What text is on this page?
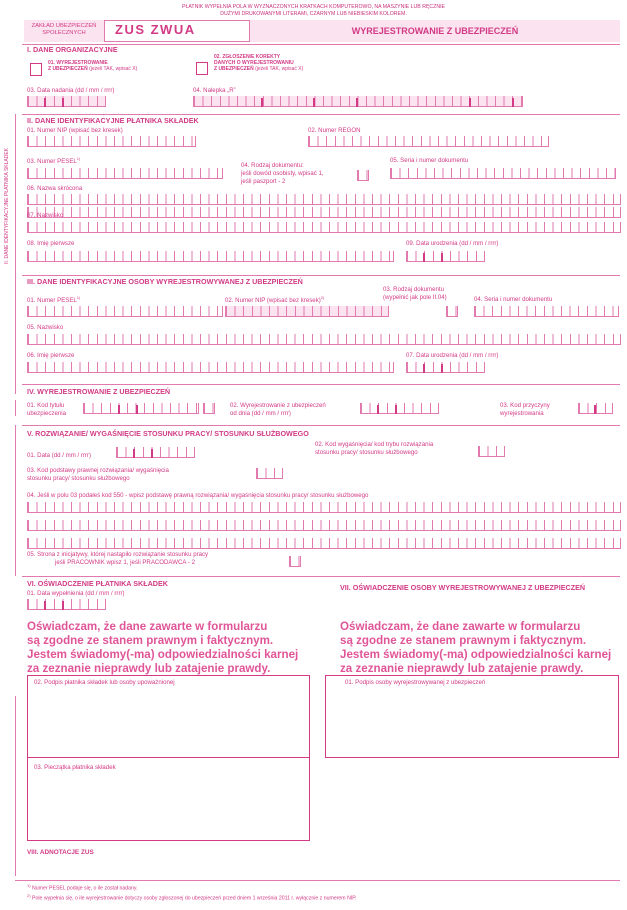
PŁATNIK WYPEŁNIA POLA W WYZNACZONYCH KRATKACH KOMPUTEROWO, NA MASZYNIE LUB RĘCZNIE
DUŻYMI DRUKOWANYMI LITERAMI, CZARNYM LUB NIEBIESKIM KOLOREM.
ZAKŁAD UBEZPIECZEŃ SPOŁECZNYCH	ZUS ZWUA	WYREJESTROWANIE Z UBEZPIECZEŃ
I. DANE ORGANIZACYJNE
01. WYREJESTROWANIE
Z UBEZPIECZEŃ (jeżeli TAK, wpisać X)
02. ZGŁOSZENIE KOREKTY
DANYCH O WYREJESTROWANIU
Z UBEZPIECZEŃ (jeżeli TAK, wpisać X)
03. Data nadania (dd / mm / rrrr)	04. Nalepka „R”
II. DANE IDENTYFIKACYJNE PŁATNIKA SKŁADEK
II. DANE IDENTYFIKACYJNE PŁATNIKA SKŁADEK
01. Numer NIP (wpisać bez kresek)	02. Numer REGON
03. Numer PESEL$^{1)}$
04. Rodzaj dokumentu:
jeśli dowód osobisty, wpisać 1,
jeśli paszport - 2
05. Seria i numer dokumentu
06. Nazwa skrócona
07. Nazwisko
08. Imię pierwsze	09. Data urodzenia (dd / mm / rrrr)
III. DANE IDENTYFIKACYJNE OSOBY WYREJESTROWYWANEJ Z UBEZPIECZEŃ
01. Numer PESEL$^{1)}$	02. Numer NIP (wpisać bez kresek)$^{2)}$
03. Rodzaj dokumentu
(wypełnić jak pole II.04)	04. Seria i numer dokumentu
05. Nazwisko
06. Imię pierwsze	07. Data urodzenia (dd / mm / rrrr)
IV. WYREJESTROWANIE Z UBEZPIECZEŃ
01. Kod tytułu
ubezpieczenia
02. Wyrejestrowanie z ubezpieczeń
od dnia (dd / mm / rrrr)
03. Kod przyczyny
wyrejestrowania
V. ROZWIĄZANIE/ WYGAŚNIĘCIE STOSUNKU PRACY/ STOSUNKU SŁUŻBOWEGO
01. Data (dd / mm / rrrr)
02. Kod wygaśnięcia/ kod trybu rozwiązania
stosunku pracy/ stosunku służbowego
03. Kod podstawy prawnej rozwiązania/ wygaśnięcia
stosunku pracy/ stosunku służbowego
04. Jeśli w polu 03 podałeś kod 550 - wpisz podstawę prawną rozwiązania/ wygaśnięcia stosunku pracy/ stosunku służbowego
05. Strona z inicjatywy, której nastąpiło rozwiązanie stosunku pracy
jeśli PRACOWNIK wpisz 1, jeśli PRACODAWCA - 2
VI. OŚWIADCZENIE PŁATNIKA SKŁADEK	VII. OŚWIADCZENIE OSOBY WYREJESTROWYWANEJ Z UBEZPIECZEŃ
01. Data wypełnienia (dd / mm / rrrr)
Oświadczam, że dane zawarte w formularzu
są zgodne ze stanem prawnym i faktycznym.
Jestem świadomy(-ma) odpowiedzialności karnej
za zeznanie nieprawdy lub zatajenie prawdy.
Oświadczam, że dane zawarte w formularzu
są zgodne ze stanem prawnym i faktycznym.
Jestem świadomy(-ma) odpowiedzialności karnej
za zeznanie nieprawdy lub zatajenie prawdy.
02. Podpis płatnika składek lub osoby upoważnionej
03. Pieczątka płatnika składek
01. Podpis osoby wyrejestrowywanej z ubezpieczeń
VIII. ADNOTACJE ZUS
$^{1)}$ Numer PESEL podaje się, o ile został nadany.
$^{2)}$ Pole wypełnia się, o ile wyrejestrowanie dotyczy osoby zgłoszonej do ubezpieczeń przed dniem 1 września 2011 r. wyłącznie z numerem NIP.
